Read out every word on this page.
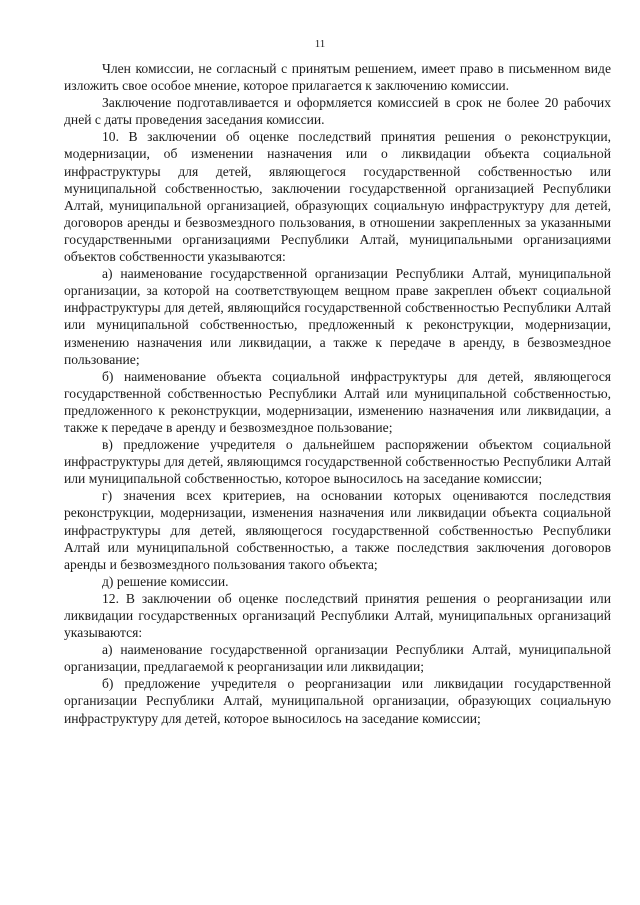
11

Член комиссии, не согласный с принятым решением, имеет право в письменном виде изложить свое особое мнение, которое прилагается к заключению комиссии.

Заключение подготавливается и оформляется комиссией в срок не более 20 рабочих дней с даты проведения заседания комиссии.

10. В заключении об оценке последствий принятия решения о реконструкции, модернизации, об изменении назначения или о ликвидации объекта социальной инфраструктуры для детей, являющегося государственной собственностью или муниципальной собственностью, заключении государственной организацией Республики Алтай, муниципальной организацией, образующих социальную инфраструктуру для детей, договоров аренды и безвозмездного пользования, в отношении закрепленных за указанными государственными организациями Республики Алтай, муниципальными организациями объектов собственности указываются:

а) наименование государственной организации Республики Алтай, муниципальной организации, за которой на соответствующем вещном праве закреплен объект социальной инфраструктуры для детей, являющийся государственной собственностью Республики Алтай или муниципальной собственностью, предложенный к реконструкции, модернизации, изменению назначения или ликвидации, а также к передаче в аренду, в безвозмездное пользование;

б) наименование объекта социальной инфраструктуры для детей, являющегося государственной собственностью Республики Алтай или муниципальной собственностью, предложенного к реконструкции, модернизации, изменению назначения или ликвидации, а также к передаче в аренду и безвозмездное пользование;

в) предложение учредителя о дальнейшем распоряжении объектом социальной инфраструктуры для детей, являющимся государственной собственностью Республики Алтай или муниципальной собственностью, которое выносилось на заседание комиссии;

г) значения всех критериев, на основании которых оцениваются последствия реконструкции, модернизации, изменения назначения или ликвидации объекта социальной инфраструктуры для детей, являющегося государственной собственностью Республики Алтай или муниципальной собственностью, а также последствия заключения договоров аренды и безвозмездного пользования такого объекта;

д) решение комиссии.

12. В заключении об оценке последствий принятия решения о реорганизации или ликвидации государственных организаций Республики Алтай, муниципальных организаций указываются:

а) наименование государственной организации Республики Алтай, муниципальной организации, предлагаемой к реорганизации или ликвидации;

б) предложение учредителя о реорганизации или ликвидации государственной организации Республики Алтай, муниципальной организации, образующих социальную инфраструктуру для детей, которое выносилось на заседание комиссии;
